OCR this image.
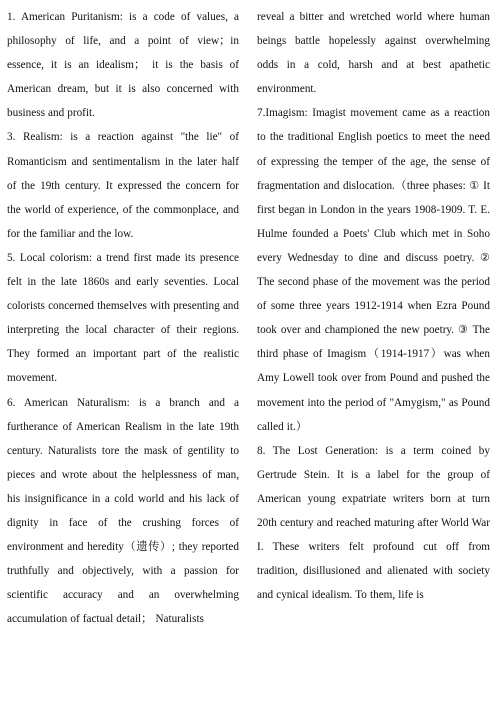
1. American Puritanism: is a code of values, a philosophy of life, and a point of view；in essence, it is an idealism； it is the basis of American dream, but it is also concerned with business and profit.

3. Realism: is a reaction against "the lie" of Romanticism and sentimentalism in the later half of the 19th century. It expressed the concern for the world of experience, of the commonplace, and for the familiar and the low.

5. Local colorism: a trend first made its presence felt in the late 1860s and early seventies. Local colorists concerned themselves with presenting and interpreting the local character of their regions. They formed an important part of the realistic movement.

6. American Naturalism: is a branch and a furtherance of American Realism in the late 19th century. Naturalists tore the mask of gentility to pieces and wrote about the helplessness of man, his insignificance in a cold world and his lack of dignity in face of the crushing forces of environment and heredity（遗传）; they reported truthfully and objectively, with a passion for scientific accuracy and an overwhelming accumulation of factual detail； Naturalists

reveal a bitter and wretched world where human beings battle hopelessly against overwhelming odds in a cold, harsh and at best apathetic environment.

7.Imagism: Imagist movement came as a reaction to the traditional English poetics to meet the need of expressing the temper of the age, the sense of fragmentation and dislocation.（three phases: ① It first began in London in the years 1908-1909. T. E. Hulme founded a Poets' Club which met in Soho every Wednesday to dine and discuss poetry. ② The second phase of the movement was the period of some three years 1912-1914 when Ezra Pound took over and championed the new poetry. ③ The third phase of Imagism（1914-1917）was when Amy Lowell took over from Pound and pushed the movement into the period of "Amygism," as Pound called it.）

8. The Lost Generation: is a term coined by Gertrude Stein. It is a label for the group of American young expatriate writers born at turn 20th century and reached maturing after World War I. These writers felt profound cut off from tradition, disillusioned and alienated with society and cynical idealism. To them, life is
